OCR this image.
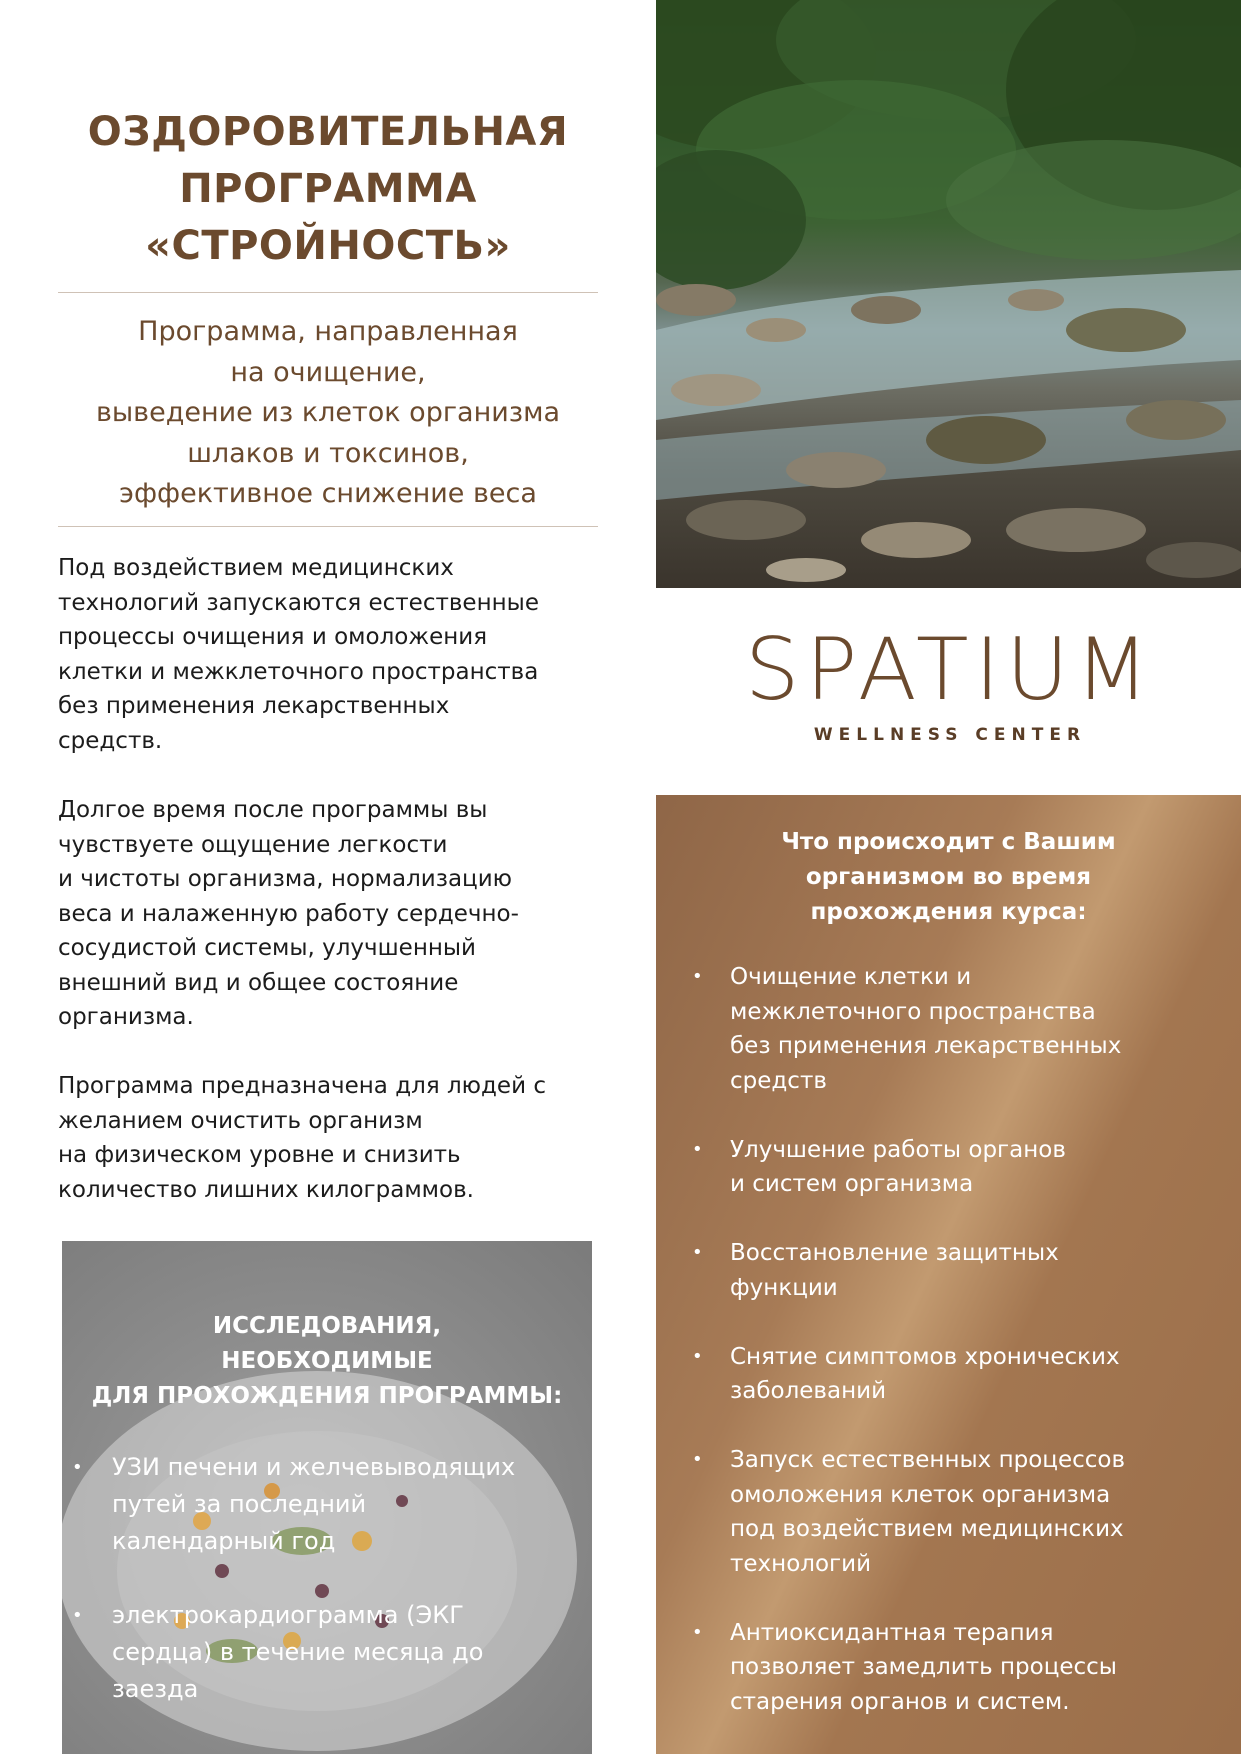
ОЗДОРОВИТЕЛЬНАЯ
ПРОГРАММА
«СТРОЙНОСТЬ»
Программа, направленная
на очищение,
выведение из клеток организма
шлаков и токсинов,
эффективное снижение веса
Под воздействием медицинских
технологий запускаются естественные
процессы очищения и омоложения
клетки и межклеточного пространства
без применения лекарственных
средств.
Долгое время после программы вы
чувствуете ощущение легкости
и чистоты организма, нормализацию
веса и налаженную работу сердечно-
сосудистой системы, улучшенный
внешний вид и общее состояние
организма.
Программа предназначена для людей с
желанием очистить организм
на физическом уровне и снизить
количество лишних килограммов.
SPATIUM
WELLNESS CENTER
Что происходит с Вашим
организмом во время
прохождения курса:
• Очищение клетки и
межклеточного пространства
без применения лекарственных
средств
• Улучшение работы органов
и систем организма
• Восстановление защитных
функции
• Снятие симптомов хронических
заболеваний
• Запуск естественных процессов
омоложения клеток организма
под воздействием медицинских
технологий
• Антиоксидантная терапия
позволяет замедлить процессы
старения органов и систем.
ИССЛЕДОВАНИЯ,
НЕОБХОДИМЫЕ
ДЛЯ ПРОХОЖДЕНИЯ ПРОГРАММЫ:
• УЗИ печени и желчевыводящих
путей за последний
календарный год
• электрокардиограмма (ЭКГ
сердца) в течение месяца до
заезда
